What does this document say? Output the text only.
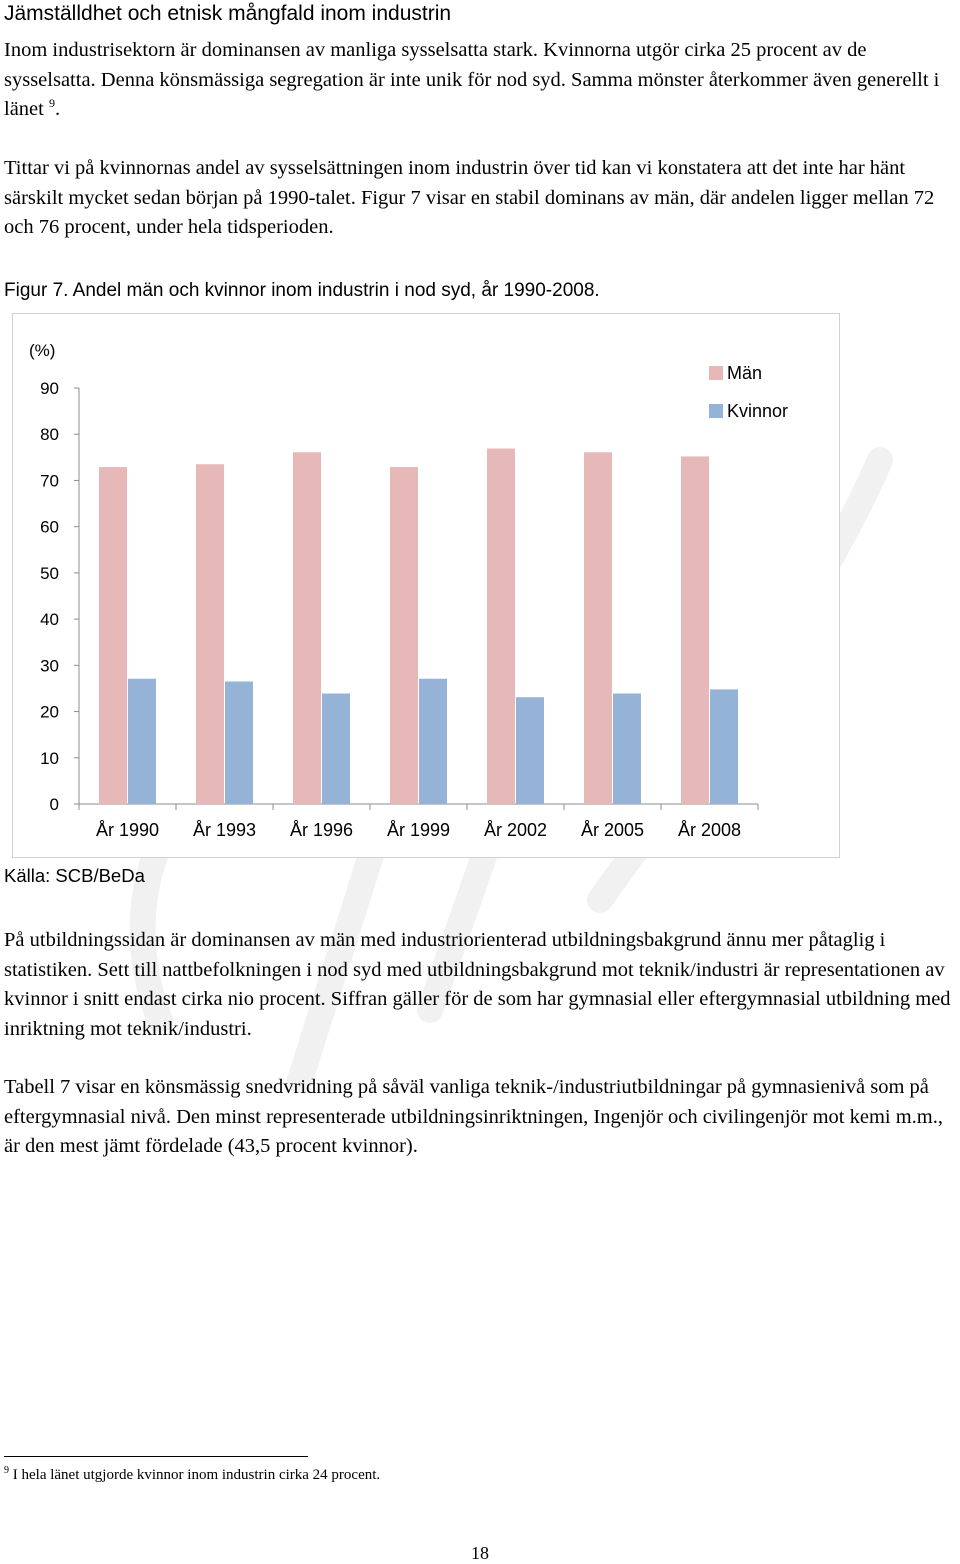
Jämställdhet och etnisk mångfald inom industrin

Inom industrisektorn är dominansen av manliga sysselsatta stark. Kvinnorna utgör cirka 25 procent av de sysselsatta. Denna könsmässiga segregation är inte unik för nod syd. Samma mönster återkommer även generellt i länet $^9$.

Tittar vi på kvinnornas andel av sysselsättningen inom industrin över tid kan vi konstatera att det inte har hänt särskilt mycket sedan början på 1990-talet. Figur 7 visar en stabil dominans av män, där andelen ligger mellan 72 och 76 procent, under hela tidsperioden.

Figur 7. Andel män och kvinnor inom industrin i nod syd, år 1990-2008.
(%)
0
10
20
30
40
50
60
70
80
90
År 1990 År 1993 År 1996 År 1999 År 2002 År 2005 År 2008
Män
Kvinnor
Källa: SCB/BeDa

På utbildningssidan är dominansen av män med industriorienterad utbildningsbakgrund ännu mer påtaglig i statistiken. Sett till nattbefolkningen i nod syd med utbildningsbakgrund mot teknik/industri är representationen av kvinnor i snitt endast cirka nio procent. Siffran gäller för de som har gymnasial eller eftergymnasial utbildning med inriktning mot teknik/industri.

Tabell 7 visar en könsmässig snedvridning på såväl vanliga teknik-/industriutbildningar på gymnasienivå som på eftergymnasial nivå. Den minst representerade utbildningsinriktningen, Ingenjör och civilingenjör mot kemi m.m., är den mest jämt fördelade (43,5 procent kvinnor).

$^9$ I hela länet utgjorde kvinnor inom industrin cirka 24 procent.
18
